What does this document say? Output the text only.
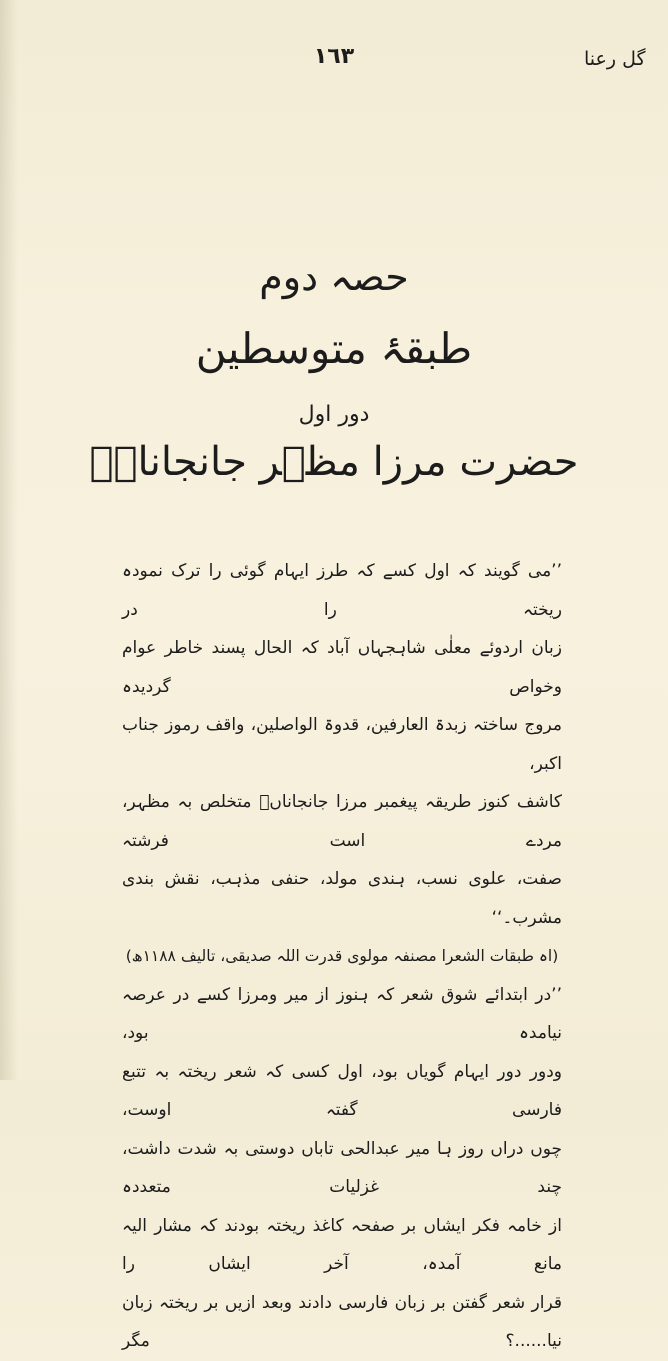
گل رعنا
١٦٣

حصہ دوم

طبقۂ متوسطین

دور اول

حضرت مرزا مظہر جانجاناںؒ

’’می گویند کہ اول کسے کہ طرز ایہام گوئی را ترک نمودہ ریختہ را در

زبان اردوئے معلٰی شاہجہاں آباد کہ الحال پسند خاطر عوام وخواص گردیدہ

مروج ساختہ زبدۃ العارفین، قدوۃ الواصلین، واقف رموز جناب اکبر،

کاشف کنوز طریقہ پیغمبر مرزا جانجاناںؒ متخلص بہ مظہر، مردے است فرشتہ

صفت، علوی نسب، ہندی مولد، حنفی مذہب، نقش بندی مشرب۔‘‘

(اہ طبقات الشعرا مصنفہ مولوی قدرت اللہ صدیقی، تالیف ١١٨٨ھ)

’’در ابتدائے شوق شعر کہ ہنوز از میر ومرزا کسے در عرصہ نیامدہ بود،

ودور دور ایہام گویاں بود، اول کسی کہ شعر ریختہ بہ تتبع فارسی گفتہ اوست،

چوں دراں روز ہا میر عبدالحی تاباں دوستی بہ شدت داشت، چند غزلیات متعددہ

از خامہ فکر ایشاں بر صفحہ کاغذ ریختہ بودند کہ مشار الیہ مانع آمدہ، آخر ایشاں را

قرار شعر گفتن بر زبان فارسی دادند وبعد ازیں بر ریختہ زبان نیا......؟ مگر
